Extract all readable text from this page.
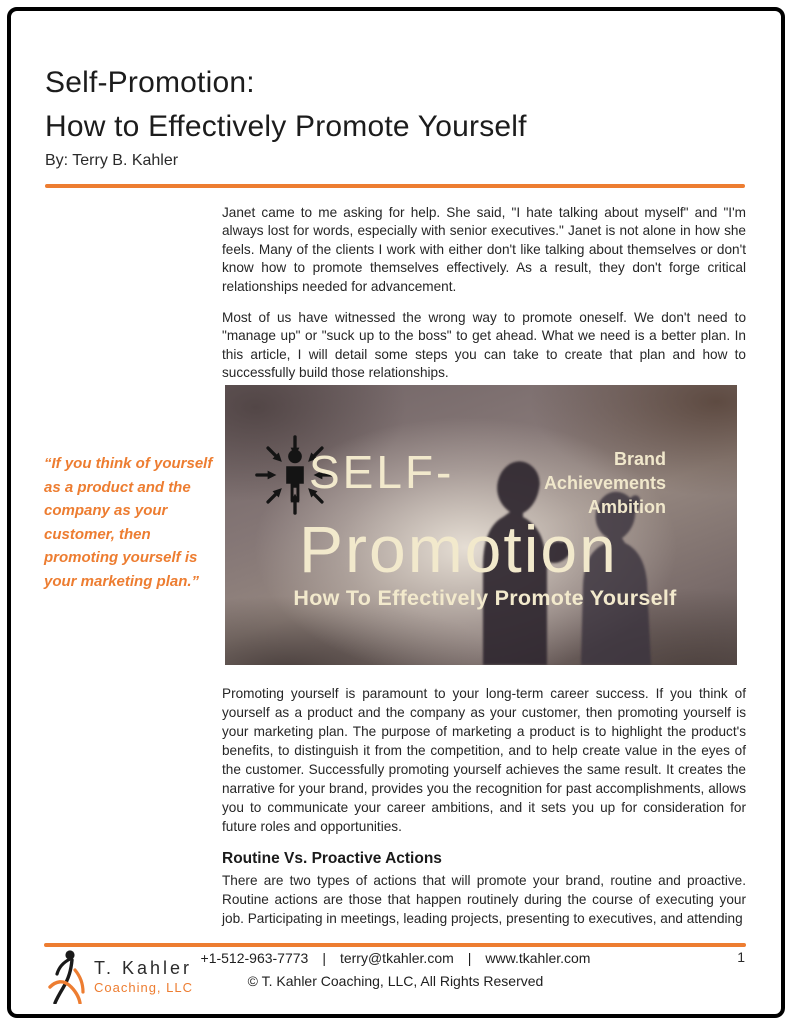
Self-Promotion:
How to Effectively Promote Yourself
By: Terry B. Kahler

Janet came to me asking for help. She said, "I hate talking about myself" and "I'm always lost for words, especially with senior executives." Janet is not alone in how she feels. Many of the clients I work with either don't like talking about themselves or don't know how to promote themselves effectively. As a result, they don't forge critical relationships needed for advancement.

Most of us have witnessed the wrong way to promote oneself. We don't need to "manage up" or "suck up to the boss" to get ahead. What we need is a better plan. In this article, I will detail some steps you can take to create that plan and how to successfully build those relationships.

“If you think of yourself as a product and the company as your customer, then promoting yourself is your marketing plan.”
SELF-
Promotion
How To Effectively Promote Yourself
Brand
Achievements
Ambition

Promoting yourself is paramount to your long-term career success. If you think of yourself as a product and the company as your customer, then promoting yourself is your marketing plan. The purpose of marketing a product is to highlight the product's benefits, to distinguish it from the competition, and to help create value in the eyes of the customer. Successfully promoting yourself achieves the same result. It creates the narrative for your brand, provides you the recognition for past accomplishments, allows you to communicate your career ambitions, and it sets you up for consideration for future roles and opportunities.

Routine Vs. Proactive Actions

There are two types of actions that will promote your brand, routine and proactive. Routine actions are those that happen routinely during the course of executing your job. Participating in meetings, leading projects, presenting to executives, and attending

T. Kahler
Coaching, LLC
+1-512-963-7773 | terry@tkahler.com | www.tkahler.com
© T. Kahler Coaching, LLC, All Rights Reserved
1
